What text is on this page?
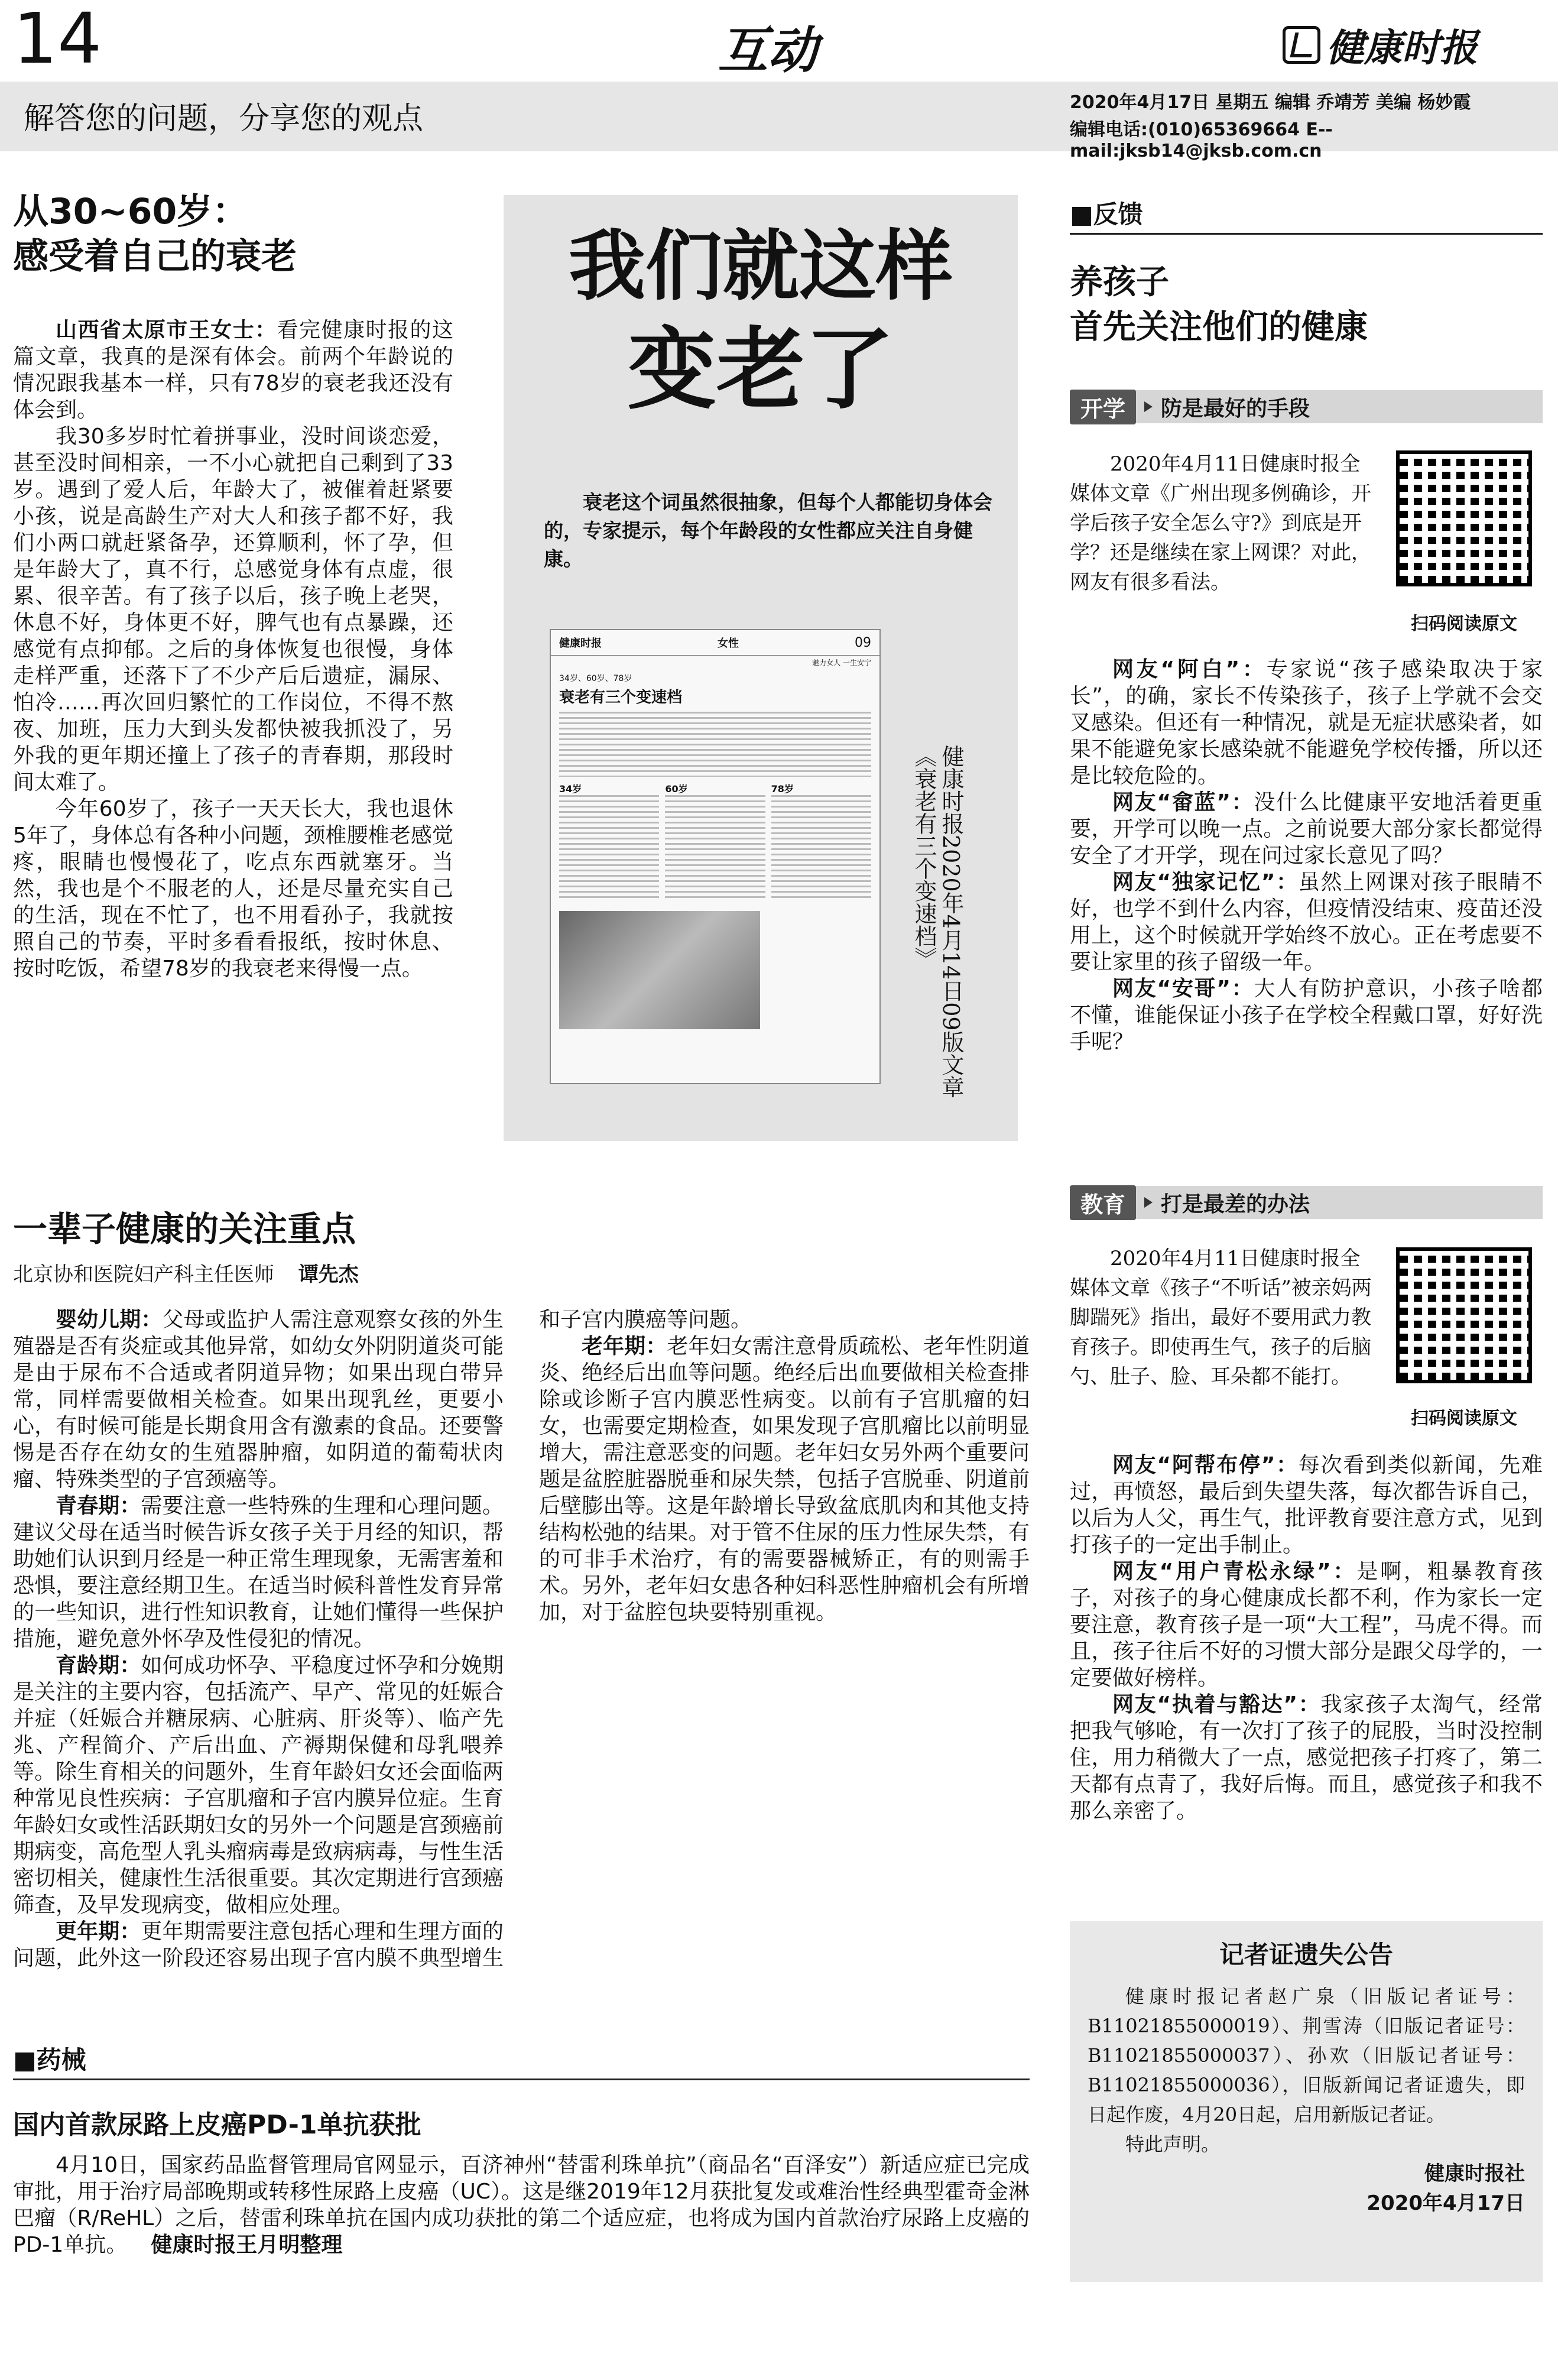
14	互动	健康时报
解答您的问题，分享您的观点	2020年4月17日 星期五 编辑 乔靖芳 美编 杨妙霞
编辑电话:(010)65369664 E--mail:jksb14@jksb.com.cn
从30~60岁：
感受着自己的衰老

山西省太原市王女士：看完健康时报的这篇文章，我真的是深有体会。前两个年龄说的情况跟我基本一样，只有78岁的衰老我还没有体会到。

我30多岁时忙着拼事业，没时间谈恋爱，甚至没时间相亲，一不小心就把自己剩到了33岁。遇到了爱人后，年龄大了，被催着赶紧要小孩，说是高龄生产对大人和孩子都不好，我们小两口就赶紧备孕，还算顺利，怀了孕，但是年龄大了，真不行，总感觉身体有点虚，很累、很辛苦。有了孩子以后，孩子晚上老哭，休息不好，身体更不好，脾气也有点暴躁，还感觉有点抑郁。之后的身体恢复也很慢，身体走样严重，还落下了不少产后后遗症，漏尿、怕冷……再次回归繁忙的工作岗位，不得不熬夜、加班，压力大到头发都快被我抓没了，另外我的更年期还撞上了孩子的青春期，那段时间太难了。

今年60岁了，孩子一天天长大，我也退休5年了，身体总有各种小问题，颈椎腰椎老感觉疼，眼睛也慢慢花了，吃点东西就塞牙。当然，我也是个不服老的人，还是尽量充实自己的生活，现在不忙了，也不用看孙子，我就按照自己的节奏，平时多看看报纸，按时休息、按时吃饭，希望78岁的我衰老来得慢一点。

我们就这样
变老了
衰老这个词虽然很抽象，但每个人都能切身体会的，专家提示，每个年龄段的女性都应关注自身健康。
健康时报	女性	09
魅力女人 一生安宁
34岁、60岁、78岁
衰老有三个变速档
34岁	60岁	78岁	健康时报2020年4月14日09版文章《衰老有三个变速档》
■反馈
养孩子
首先关注他们的健康
开学	防是最好的手段
2020年4月11日健康时报全媒体文章《广州出现多例确诊，开学后孩子安全怎么守?》到底是开学？还是继续在家上网课？对此，网友有很多看法。
扫码阅读原文

网友“阿白”：专家说“孩子感染取决于家长”，的确，家长不传染孩子，孩子上学就不会交叉感染。但还有一种情况，就是无症状感染者，如果不能避免家长感染就不能避免学校传播，所以还是比较危险的。

网友“畲蓝”：没什么比健康平安地活着更重要，开学可以晚一点。之前说要大部分家长都觉得安全了才开学，现在问过家长意见了吗？

网友“独家记忆”：虽然上网课对孩子眼睛不好，也学不到什么内容，但疫情没结束、疫苗还没用上，这个时候就开学始终不放心。正在考虑要不要让家里的孩子留级一年。

网友“安哥”：大人有防护意识，小孩子啥都不懂，谁能保证小孩子在学校全程戴口罩，好好洗手呢？

教育	打是最差的办法
2020年4月11日健康时报全媒体文章《孩子“不听话”被亲妈两脚踹死》指出，最好不要用武力教育孩子。即使再生气，孩子的后脑勺、肚子、脸、耳朵都不能打。
扫码阅读原文

网友“阿帮布停”：每次看到类似新闻，先难过，再愤怒，最后到失望失落，每次都告诉自己，以后为人父，再生气，批评教育要注意方式，见到打孩子的一定出手制止。

网友“用户青松永绿”：是啊，粗暴教育孩子，对孩子的身心健康成长都不利，作为家长一定要注意，教育孩子是一项“大工程”，马虎不得。而且，孩子往后不好的习惯大部分是跟父母学的，一定要做好榜样。

网友“执着与豁达”：我家孩子太淘气，经常把我气够呛，有一次打了孩子的屁股，当时没控制住，用力稍微大了一点，感觉把孩子打疼了，第二天都有点青了，我好后悔。而且，感觉孩子和我不那么亲密了。

记者证遗失公告
健康时报记者赵广泉（旧版记者证号：B11021855000019）、荆雪涛（旧版记者证号：B11021855000037）、孙欢（旧版记者证号：B11021855000036），旧版新闻记者证遗失，即日起作废，4月20日起，启用新版记者证。
特此声明。
健康时报社
2020年4月17日
一辈子健康的关注重点
北京协和医院妇产科主任医师 谭先杰

婴幼儿期：父母或监护人需注意观察女孩的外生殖器是否有炎症或其他异常，如幼女外阴阴道炎可能是由于尿布不合适或者阴道异物；如果出现白带异常，同样需要做相关检查。如果出现乳丝，更要小心，有时候可能是长期食用含有激素的食品。还要警惕是否存在幼女的生殖器肿瘤，如阴道的葡萄状肉瘤、特殊类型的子宫颈癌等。

青春期：需要注意一些特殊的生理和心理问题。建议父母在适当时候告诉女孩子关于月经的知识，帮助她们认识到月经是一种正常生理现象，无需害羞和恐惧，要注意经期卫生。在适当时候科普性发育异常的一些知识，进行性知识教育，让她们懂得一些保护措施，避免意外怀孕及性侵犯的情况。

育龄期：如何成功怀孕、平稳度过怀孕和分娩期是关注的主要内容，包括流产、早产、常见的妊娠合并症（妊娠合并糖尿病、心脏病、肝炎等）、临产先兆、产程简介、产后出血、产褥期保健和母乳喂养等。除生育相关的问题外，生育年龄妇女还会面临两种常见良性疾病：子宫肌瘤和子宫内膜异位症。生育年龄妇女或性活跃期妇女的另外一个问题是宫颈癌前期病变，高危型人乳头瘤病毒是致病病毒，与性生活密切相关，健康性生活很重要。其次定期进行宫颈癌筛查，及早发现病变，做相应处理。

更年期：更年期需要注意包括心理和生理方面的问题，此外这一阶段还容易出现子宫内膜不典型增生和子宫内膜癌等问题。

老年期：老年妇女需注意骨质疏松、老年性阴道炎、绝经后出血等问题。绝经后出血要做相关检查排除或诊断子宫内膜恶性病变。以前有子宫肌瘤的妇女，也需要定期检查，如果发现子宫肌瘤比以前明显增大，需注意恶变的问题。老年妇女另外两个重要问题是盆腔脏器脱垂和尿失禁，包括子宫脱垂、阴道前后壁膨出等。这是年龄增长导致盆底肌肉和其他支持结构松弛的结果。对于管不住尿的压力性尿失禁，有的可非手术治疗，有的需要器械矫正，有的则需手术。另外，老年妇女患各种妇科恶性肿瘤机会有所增加，对于盆腔包块要特别重视。

■药械
国内首款尿路上皮癌PD-1单抗获批

4月10日，国家药品监督管理局官网显示，百济神州“替雷利珠单抗”（商品名“百泽安”）新适应症已完成审批，用于治疗局部晚期或转移性尿路上皮癌（UC）。这是继2019年12月获批复发或难治性经典型霍奇金淋巴瘤（R/ReHL）之后，替雷利珠单抗在国内成功获批的第二个适应症，也将成为国内首款治疗尿路上皮癌的PD-1单抗。 健康时报王月明整理
